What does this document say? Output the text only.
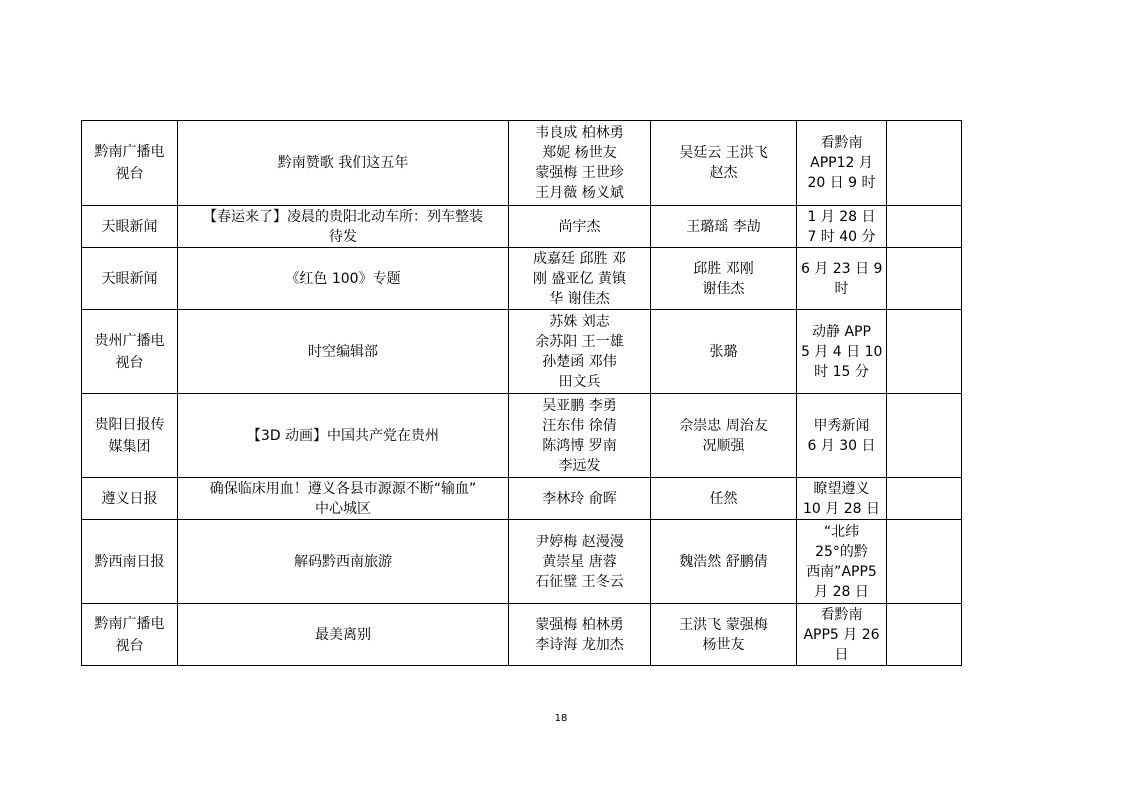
黔南广播电
视台	黔南赞歌 我们这五年	韦良成 柏林勇
郑妮 杨世友
蒙强梅 王世珍
王月薇 杨义斌	吴廷云 王洪飞
赵杰	看黔南
APP12 月
20 日 9 时	

天眼新闻	【春运来了】凌晨的贵阳北动车所：列车整装
待发	尚宇杰	王璐瑶 李劼	1 月 28 日
7 时 40 分	

天眼新闻	《红色 100》专题	成嘉廷 邱胜 邓
刚 盛亚亿 黄镇
华 谢佳杰	邱胜 邓刚
谢佳杰	6 月 23 日 9
时	

贵州广播电
视台	时空编辑部	苏姝 刘志
余苏阳 王一雄
孙楚函 邓伟
田文兵	张璐	动静 APP
5 月 4 日 10
时 15 分	

贵阳日报传
媒集团	【3D 动画】中国共产党在贵州	吴亚鹏 李勇
汪东伟 徐倩
陈鸿博 罗南
李远发	佘崇忠 周治友
况顺强	甲秀新闻
6 月 30 日	

遵义日报	确保临床用血！遵义各县市源源不断“输血”
中心城区	李林玲 俞晖	任然	瞭望遵义
10 月 28 日	

黔西南日报	解码黔西南旅游	尹婷梅 赵漫漫
黄崇星 唐蓉
石征璧 王冬云	魏浩然 舒鹏倩	“北纬
25°的黔
西南”APP5
月 28 日	

黔南广播电
视台	最美离别	蒙强梅 柏林勇
李诗海 龙加杰	王洪飞 蒙强梅
杨世友	看黔南
APP5 月 26
日	

18
